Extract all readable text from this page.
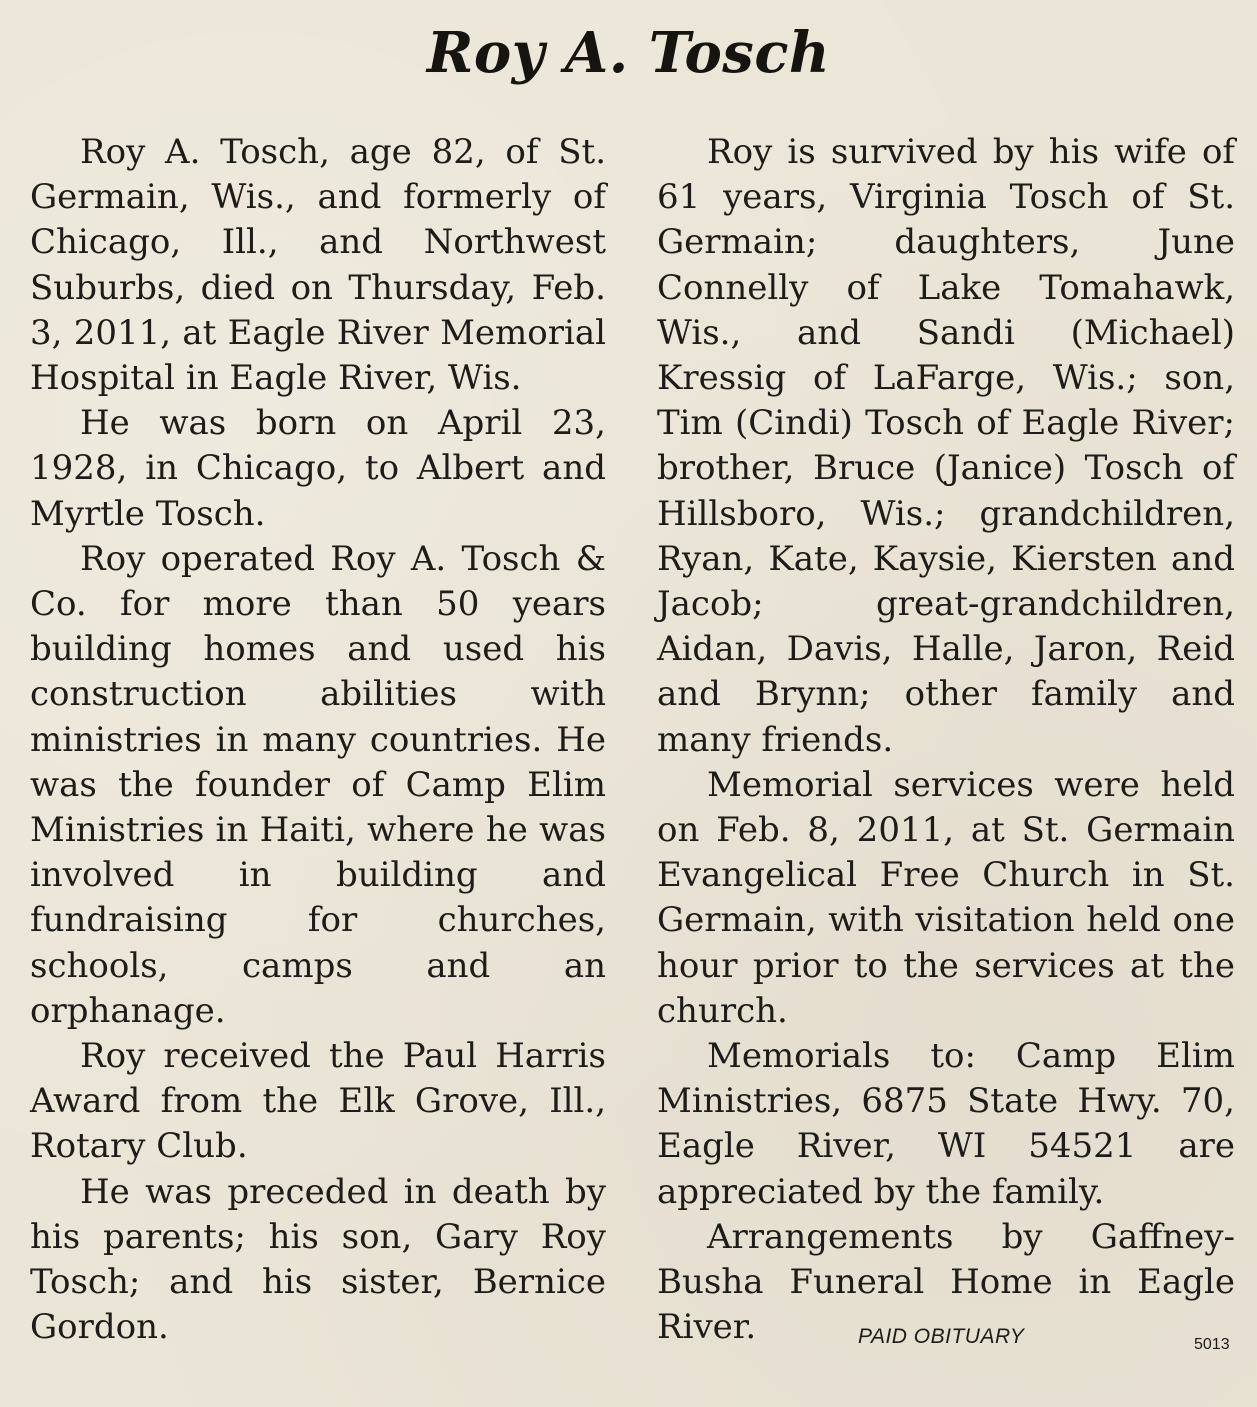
Roy A. Tosch

Roy A. Tosch, age 82, of St. Germain, Wis., and formerly of Chicago, Ill., and Northwest Suburbs, died on Thursday, Feb. 3, 2011, at Eagle River Memorial Hospital in Eagle River, Wis.

He was born on April 23, 1928, in Chicago, to Albert and Myrtle Tosch.

Roy operated Roy A. Tosch & Co. for more than 50 years building homes and used his construction abilities with ministries in many countries. He was the founder of Camp Elim Ministries in Haiti, where he was involved in building and fundraising for churches, schools, camps and an orphanage.

Roy received the Paul Harris Award from the Elk Grove, Ill., Rotary Club.

He was preceded in death by his parents; his son, Gary Roy Tosch; and his sister, Bernice Gordon.

Roy is survived by his wife of 61 years, Virginia Tosch of St. Germain; daughters, June Connelly of Lake Tomahawk, Wis., and Sandi (Michael) Kressig of LaFarge, Wis.; son, Tim (Cindi) Tosch of Eagle River; brother, Bruce (Janice) Tosch of Hillsboro, Wis.; grandchildren, Ryan, Kate, Kaysie, Kiersten and Jacob; great-grandchildren, Aidan, Davis, Halle, Jaron, Reid and Brynn; other family and many friends.

Memorial services were held on Feb. 8, 2011, at St. Germain Evangelical Free Church in St. Germain, with visitation held one hour prior to the services at the church.

Memorials to: Camp Elim Ministries, 6875 State Hwy. 70, Eagle River, WI 54521 are appreciated by the family.

Arrangements by Gaffney-Busha Funeral Home in Eagle River.	PAID OBITUARY	5013
